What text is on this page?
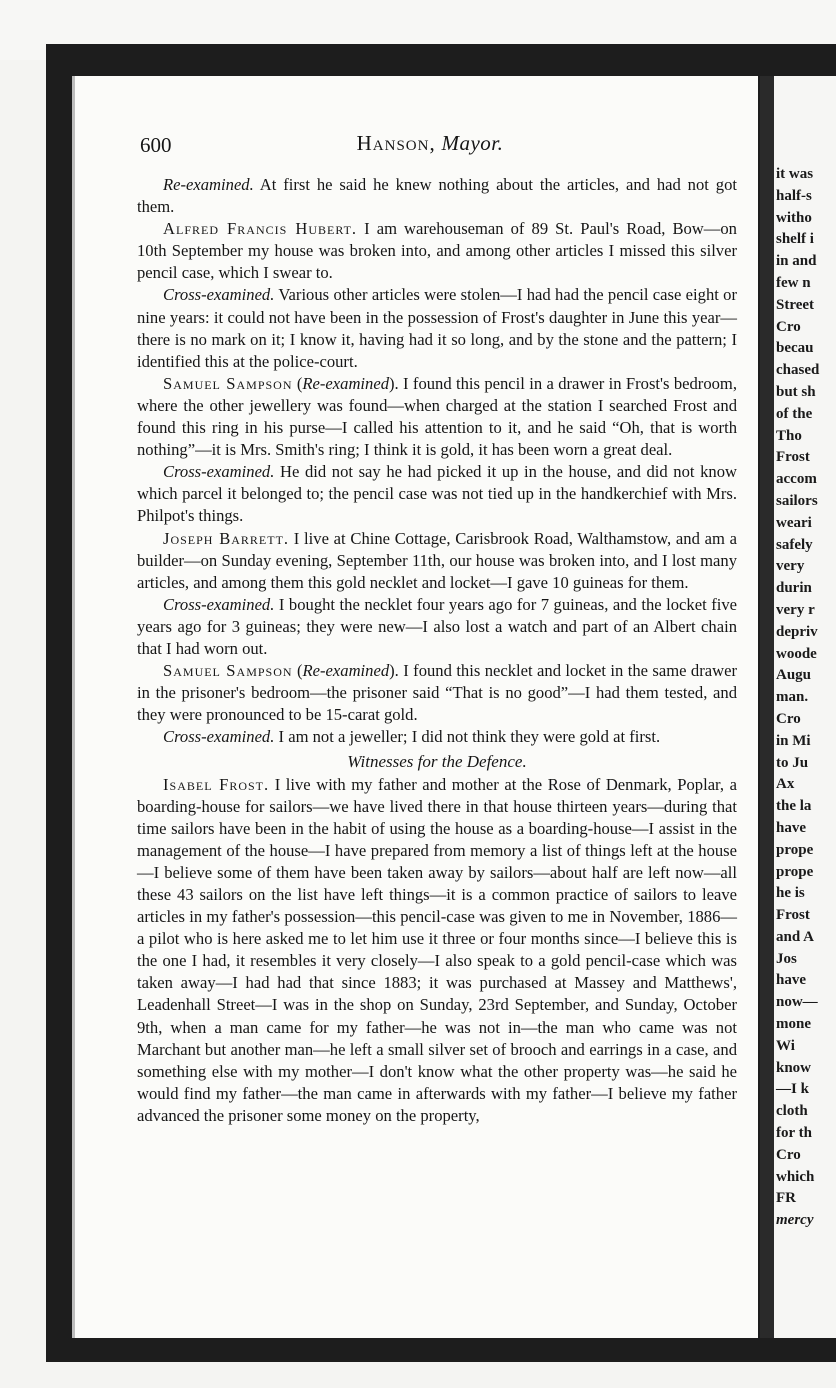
it was
half-s
witho
shelf i
in and
few n
Street
Cro
becau
chased
but sh
of the
Tho
Frost
accom
sailors
weari
safely
very
durin
very r
depriv
woode
Augu
man.
Cro
in Mi
to Ju
Ax
the la
have
prope
prope
he is
Frost
and A
Jos
have
now—
mone
Wi
know
—I k
cloth
for th
Cro
which
FR
mercy
600	Hanson, Mayor.

Re-examined. At first he said he knew nothing about the articles, and had not got them.

Alfred Francis Hubert. I am warehouseman of 89 St. Paul's Road, Bow—on 10th September my house was broken into, and among other articles I missed this silver pencil case, which I swear to.

Cross-examined. Various other articles were stolen—I had had the pencil case eight or nine years: it could not have been in the possession of Frost's daughter in June this year—there is no mark on it; I know it, having had it so long, and by the stone and the pattern; I identified this at the police-court.

Samuel Sampson (Re-examined). I found this pencil in a drawer in Frost's bedroom, where the other jewellery was found—when charged at the station I searched Frost and found this ring in his purse—I called his attention to it, and he said “Oh, that is worth nothing”—it is Mrs. Smith's ring; I think it is gold, it has been worn a great deal.

Cross-examined. He did not say he had picked it up in the house, and did not know which parcel it belonged to; the pencil case was not tied up in the handkerchief with Mrs. Philpot's things.

Joseph Barrett. I live at Chine Cottage, Carisbrook Road, Walthamstow, and am a builder—on Sunday evening, September 11th, our house was broken into, and I lost many articles, and among them this gold necklet and locket—I gave 10 guineas for them.

Cross-examined. I bought the necklet four years ago for 7 guineas, and the locket five years ago for 3 guineas; they were new—I also lost a watch and part of an Albert chain that I had worn out.

Samuel Sampson (Re-examined). I found this necklet and locket in the same drawer in the prisoner's bedroom—the prisoner said “That is no good”—I had them tested, and they were pronounced to be 15-carat gold.

Cross-examined. I am not a jeweller; I did not think they were gold at first.

Witnesses for the Defence.

Isabel Frost. I live with my father and mother at the Rose of Denmark, Poplar, a boarding-house for sailors—we have lived there in that house thirteen years—during that time sailors have been in the habit of using the house as a boarding-house—I assist in the management of the house—I have prepared from memory a list of things left at the house—I believe some of them have been taken away by sailors—about half are left now—all these 43 sailors on the list have left things—it is a common practice of sailors to leave articles in my father's possession—this pencil-case was given to me in November, 1886—a pilot who is here asked me to let him use it three or four months since—I believe this is the one I had, it resembles it very closely—I also speak to a gold pencil-case which was taken away—I had had that since 1883; it was purchased at Massey and Matthews', Leadenhall Street—I was in the shop on Sunday, 23rd September, and Sunday, October 9th, when a man came for my father—he was not in—the man who came was not Marchant but another man—he left a small silver set of brooch and earrings in a case, and something else with my mother—I don't know what the other property was—he said he would find my father—the man came in afterwards with my father—I believe my father advanced the prisoner some money on the property,
